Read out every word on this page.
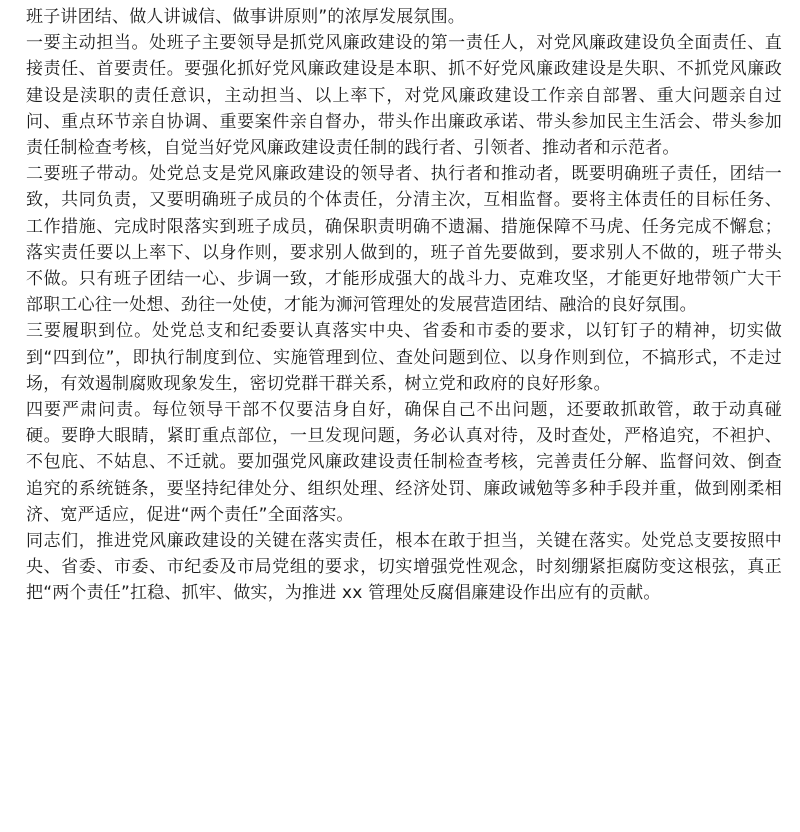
班子讲团结、做人讲诚信、做事讲原则”的浓厚发展氛围。

一要主动担当。处班子主要领导是抓党风廉政建设的第一责任人，对党风廉政建设负全面责任、直接责任、首要责任。要强化抓好党风廉政建设是本职、抓不好党风廉政建设是失职、不抓党风廉政建设是渎职的责任意识，主动担当、以上率下，对党风廉政建设工作亲自部署、重大问题亲自过问、重点环节亲自协调、重要案件亲自督办，带头作出廉政承诺、带头参加民主生活会、带头参加责任制检查考核，自觉当好党风廉政建设责任制的践行者、引领者、推动者和示范者。

二要班子带动。处党总支是党风廉政建设的领导者、执行者和推动者，既要明确班子责任，团结一致，共同负责，又要明确班子成员的个体责任，分清主次，互相监督。要将主体责任的目标任务、工作措施、完成时限落实到班子成员，确保职责明确不遗漏、措施保障不马虎、任务完成不懈怠；落实责任要以上率下、以身作则，要求别人做到的，班子首先要做到，要求别人不做的，班子带头不做。只有班子团结一心、步调一致，才能形成强大的战斗力、克难攻坚，才能更好地带领广大干部职工心往一处想、劲往一处使，才能为浉河管理处的发展营造团结、融洽的良好氛围。

三要履职到位。处党总支和纪委要认真落实中央、省委和市委的要求，以钉钉子的精神，切实做到“四到位”，即执行制度到位、实施管理到位、查处问题到位、以身作则到位，不搞形式，不走过场，有效遏制腐败现象发生，密切党群干群关系，树立党和政府的良好形象。

四要严肃问责。每位领导干部不仅要洁身自好，确保自己不出问题，还要敢抓敢管，敢于动真碰硬。要睁大眼睛，紧盯重点部位，一旦发现问题，务必认真对待，及时查处，严格追究，不袒护、不包庇、不姑息、不迁就。要加强党风廉政建设责任制检查考核，完善责任分解、监督问效、倒查追究的系统链条，要坚持纪律处分、组织处理、经济处罚、廉政诫勉等多种手段并重，做到刚柔相济、宽严适应，促进“两个责任”全面落实。

同志们，推进党风廉政建设的关键在落实责任，根本在敢于担当，关键在落实。处党总支要按照中央、省委、市委、市纪委及市局党组的要求，切实增强党性观念，时刻绷紧拒腐防变这根弦，真正把“两个责任”扛稳、抓牢、做实，为推进 xx 管理处反腐倡廉建设作出应有的贡献。
